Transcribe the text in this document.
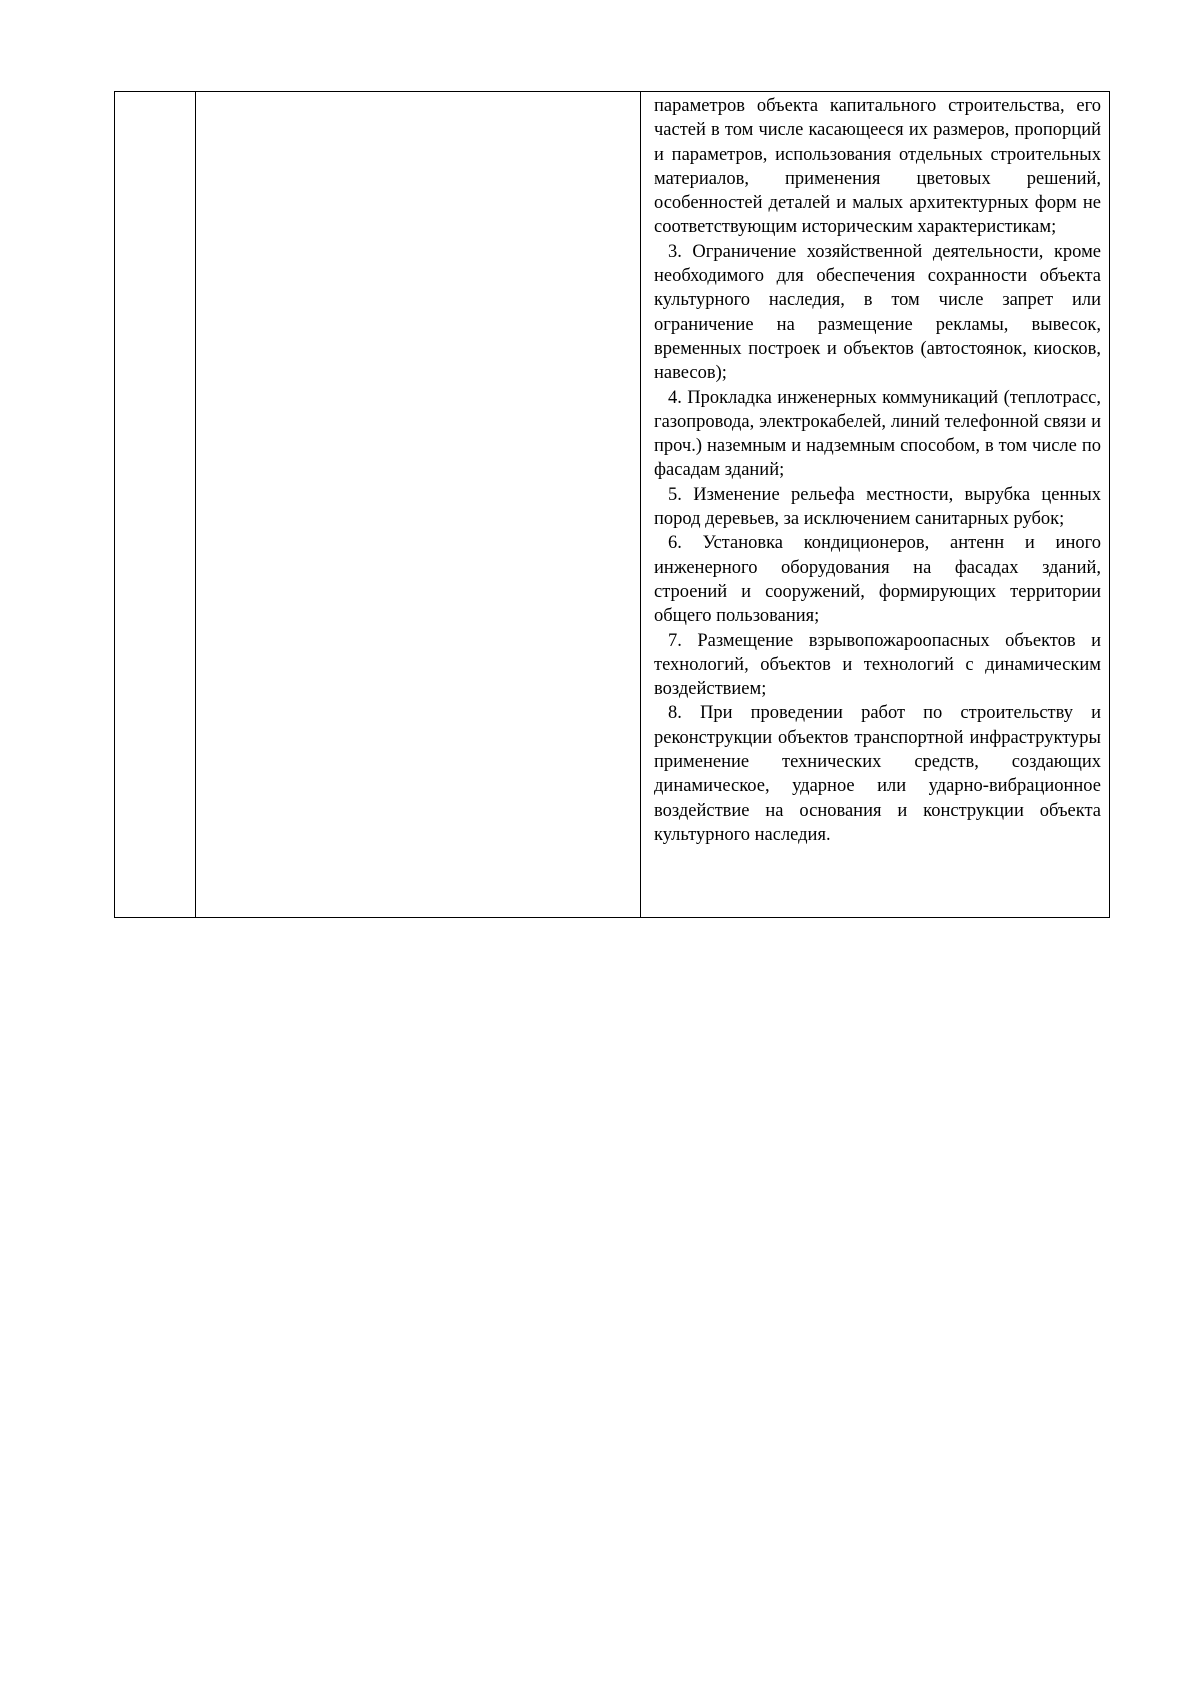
параметров объекта капитального строительства, его частей в том числе касающееся их размеров, пропорций и параметров, использования отдельных строительных материалов, применения цветовых решений, особенностей деталей и малых архитектурных форм не соответствующим историческим характеристикам;

3. Ограничение хозяйственной деятельности, кроме необходимого для обеспечения сохранности объекта культурного наследия, в том числе запрет или ограничение на размещение рекламы, вывесок, временных построек и объектов (автостоянок, киосков, навесов);

4. Прокладка инженерных коммуникаций (теплотрасс, газопровода, электрокабелей, линий телефонной связи и проч.) наземным и надземным способом, в том числе по фасадам зданий;

5. Изменение рельефа местности, вырубка ценных пород деревьев, за исключением санитарных рубок;

6. Установка кондиционеров, антенн и иного инженерного оборудования на фасадах зданий, строений и сооружений, формирующих территории общего пользования;

7. Размещение взрывопожароопасных объектов и технологий, объектов и технологий с динамическим воздействием;

8. При проведении работ по строительству и реконструкции объектов транспортной инфраструктуры применение технических средств, создающих динамическое, ударное или ударно-вибрационное воздействие на основания и конструкции объекта культурного наследия.
